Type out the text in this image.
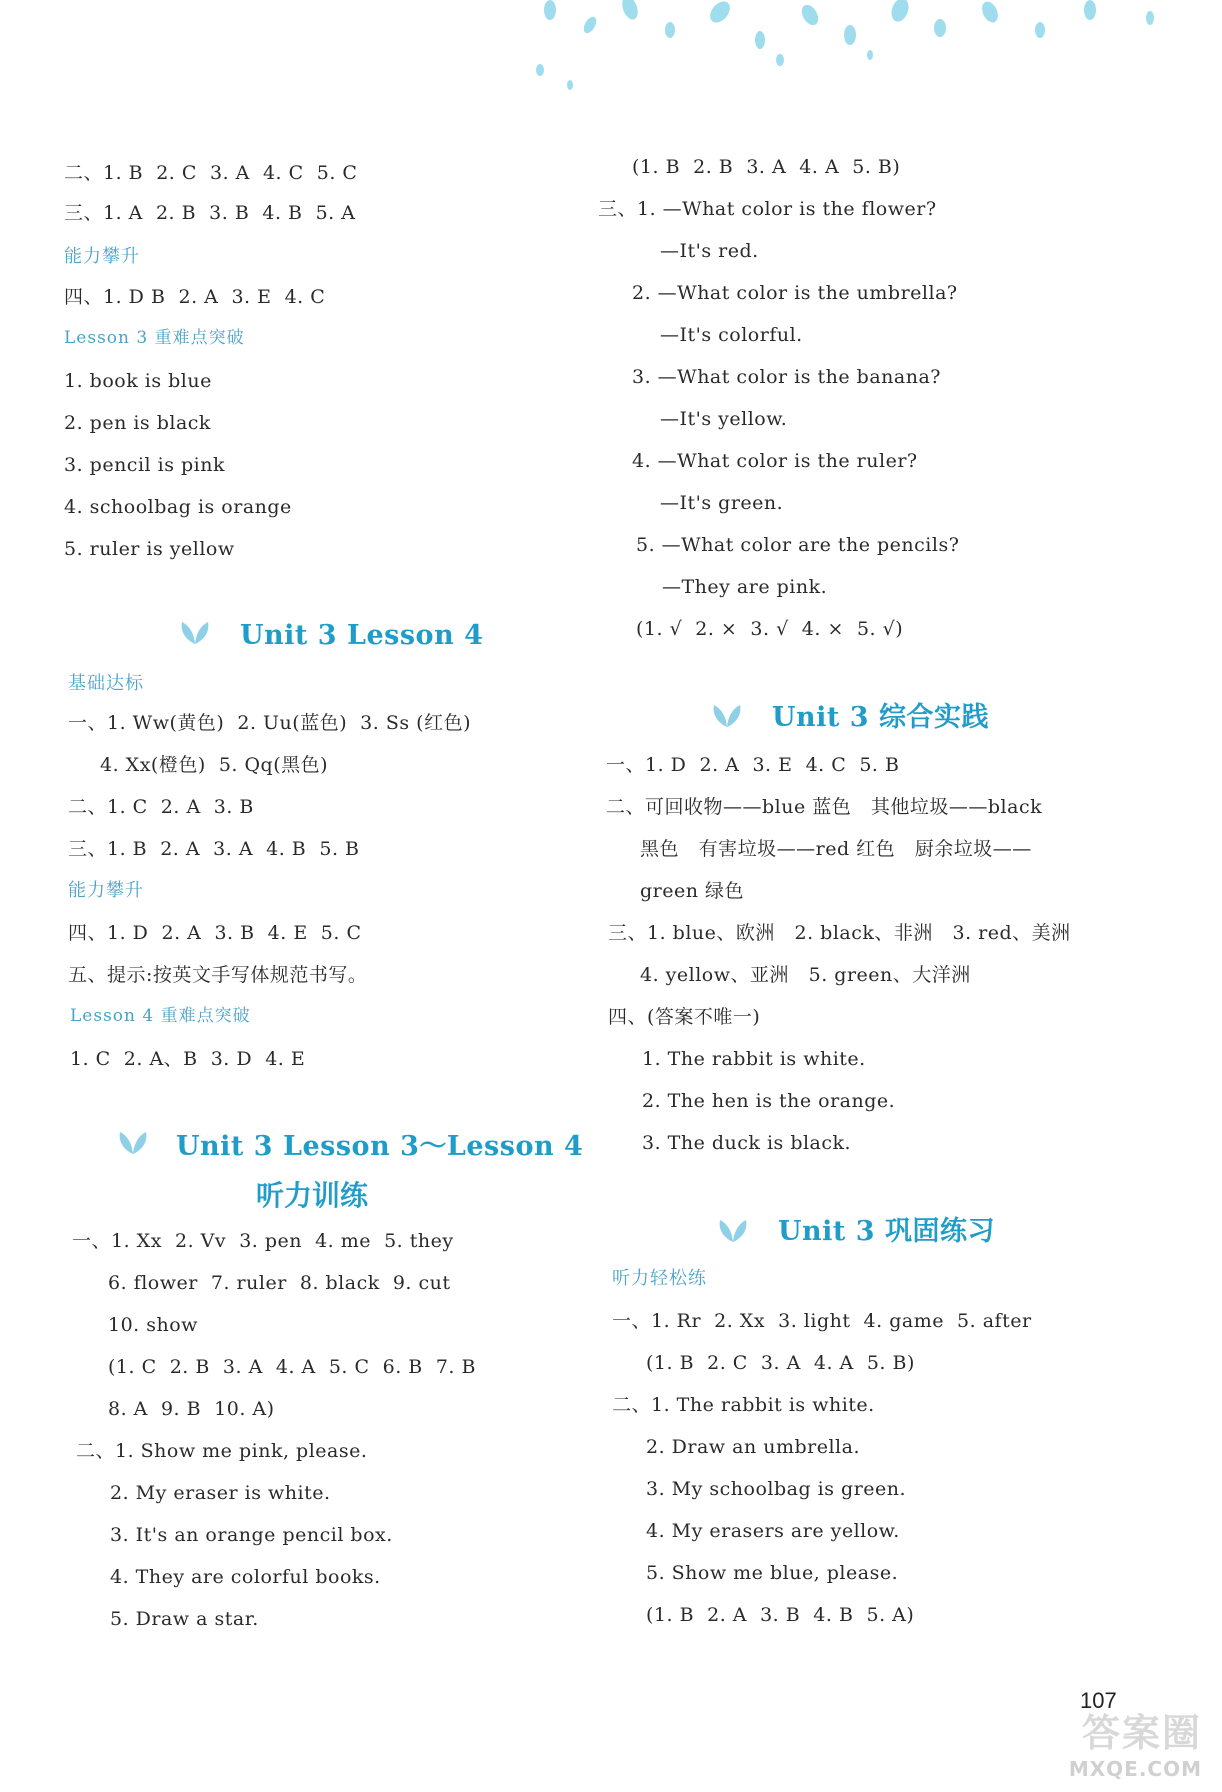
二、1. B  2. C  3. A  4. C  5. C
三、1. A  2. B  3. B  4. B  5. A
能力攀升
四、1. D B  2. A  3. E  4. C
Lesson 3 重难点突破
1. book is blue
2. pen is black
3. pencil is pink
4. schoolbag is orange
5. ruler is yellow
Unit 3 Lesson 4
基础达标
一、1. Ww(黄色)  2. Uu(蓝色)  3. Ss (红色)
4. Xx(橙色)  5. Qq(黑色)
二、1. C  2. A  3. B
三、1. B  2. A  3. A  4. B  5. B
能力攀升
四、1. D  2. A  3. B  4. E  5. C
五、提示:按英文手写体规范书写。
Lesson 4 重难点突破
1. C  2. A、B  3. D  4. E
Unit 3 Lesson 3～Lesson 4
听力训练
一、1. Xx  2. Vv  3. pen  4. me  5. they
6. flower  7. ruler  8. black  9. cut
10. show
(1. C  2. B  3. A  4. A  5. C  6. B  7. B
8. A  9. B  10. A)
二、1. Show me pink, please.
2. My eraser is white.
3. It's an orange pencil box.
4. They are colorful books.
5. Draw a star.
(1. B  2. B  3. A  4. A  5. B)
三、1. —What color is the flower?
—It's red.
2. —What color is the umbrella?
—It's colorful.
3. —What color is the banana?
—It's yellow.
4. —What color is the ruler?
—It's green.
5. —What color are the pencils?
—They are pink.
(1. √  2. ×  3. √  4. ×  5. √)
Unit 3 综合实践
一、1. D  2. A  3. E  4. C  5. B
二、可回收物——blue 蓝色   其他垃圾——black
黑色   有害垃圾——red 红色   厨余垃圾——
green 绿色
三、1. blue、欧洲   2. black、非洲   3. red、美洲
4. yellow、亚洲   5. green、大洋洲
四、(答案不唯一)
1. The rabbit is white.
2. The hen is the orange.
3. The duck is black.
Unit 3 巩固练习
听力轻松练
一、1. Rr  2. Xx  3. light  4. game  5. after
(1. B  2. C  3. A  4. A  5. B)
二、1. The rabbit is white.
2. Draw an umbrella.
3. My schoolbag is green.
4. My erasers are yellow.
5. Show me blue, please.
(1. B  2. A  3. B  4. B  5. A)
107
答案圈
MXQE.COM
